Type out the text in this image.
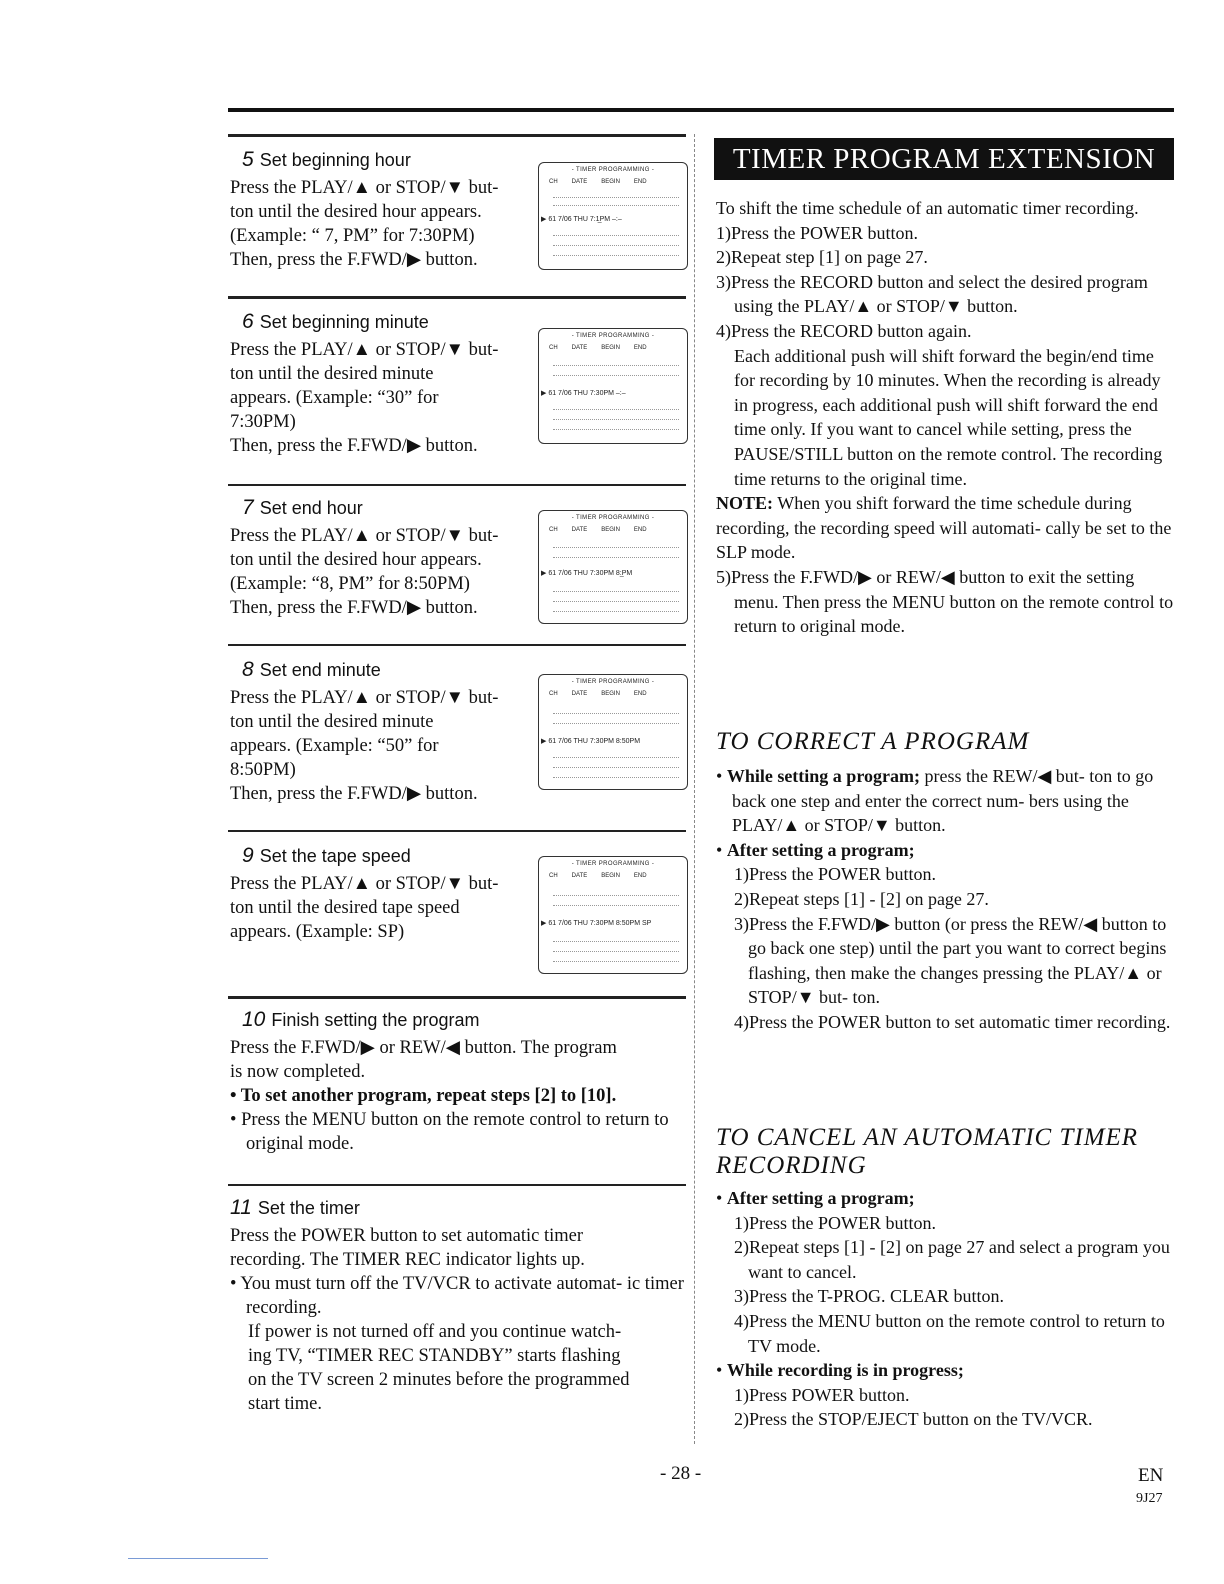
5 Set beginning hour

Press the PLAY/▲ or STOP/▼ but-

ton until the desired hour appears.

(Example: “ 7, PM” for 7:30PM)

Then, press the F.FWD/▶ button.

- TIMER PROGRAMMING -
CH DATE BEGIN END
▶ 61 7/06 THU 7:1̲PM –:–
6 Set beginning minute

Press the PLAY/▲ or STOP/▼ but-

ton until the desired minute

appears. (Example: “30” for

7:30PM)

Then, press the F.FWD/▶ button.

- TIMER PROGRAMMING -
CH DATE BEGIN END
▶ 61 7/06 THU 7:30PM –:–
7 Set end hour

Press the PLAY/▲ or STOP/▼ but-

ton until the desired hour appears.

(Example: “8, PM” for 8:50PM)

Then, press the F.FWD/▶ button.

- TIMER PROGRAMMING -
CH DATE BEGIN END
▶ 61 7/06 THU 7:30PM 8:̲PM
8 Set end minute

Press the PLAY/▲ or STOP/▼ but-

ton until the desired minute

appears. (Example: “50” for

8:50PM)

Then, press the F.FWD/▶ button.

- TIMER PROGRAMMING -
CH DATE BEGIN END
▶ 61 7/06 THU 7:30PM 8:50PM
9 Set the tape speed

Press the PLAY/▲ or STOP/▼ but-

ton until the desired tape speed

appears. (Example: SP)

- TIMER PROGRAMMING -
CH DATE BEGIN END
▶ 61 7/06 THU 7:30PM 8:50PM SP
10 Finish setting the program

Press the F.FWD/▶ or REW/◀ button. The program

is now completed.

• To set another program, repeat steps [2] to [10].

• Press the MENU button on the remote control to return to original mode.

11 Set the timer

Press the POWER button to set automatic timer

recording. The TIMER REC indicator lights up.

• You must turn off the TV/VCR to activate automat- ic timer recording.

If power is not turned off and you continue watch-

ing TV, “TIMER REC STANDBY” starts flashing

on the TV screen 2 minutes before the programmed

start time.

TIMER PROGRAM EXTENSION

To shift the time schedule of an automatic timer recording.

1)Press the POWER button.

2)Repeat step [1] on page 27.

3)Press the RECORD button and select the desired program using the PLAY/▲ or STOP/▼ button.

4)Press the RECORD button again.

Each additional push will shift forward the begin/end time for recording by 10 minutes. When the recording is already in progress, each additional push will shift forward the end time only. If you want to cancel while setting, press the PAUSE/STILL button on the remote control. The recording time returns to the original time.

NOTE: When you shift forward the time schedule during recording, the recording speed will automati- cally be set to the SLP mode.

5)Press the F.FWD/▶ or REW/◀ button to exit the setting menu. Then press the MENU button on the remote control to return to original mode.

TO CORRECT A PROGRAM

• While setting a program; press the REW/◀ but- ton to go back one step and enter the correct num- bers using the PLAY/▲ or STOP/▼ button.

• After setting a program;

1)Press the POWER button.

2)Repeat steps [1] - [2] on page 27.

3)Press the F.FWD/▶ button (or press the REW/◀ button to go back one step) until the part you want to correct begins flashing, then make the changes pressing the PLAY/▲ or STOP/▼ but- ton.

4)Press the POWER button to set automatic timer recording.

TO CANCEL AN AUTOMATIC TIMER RECORDING

• After setting a program;

1)Press the POWER button.

2)Repeat steps [1] - [2] on page 27 and select a program you want to cancel.

3)Press the T-PROG. CLEAR button.

4)Press the MENU button on the remote control to return to TV mode.

• While recording is in progress;

1)Press POWER button.

2)Press the STOP/EJECT button on the TV/VCR.

- 28 -	EN
9J27
